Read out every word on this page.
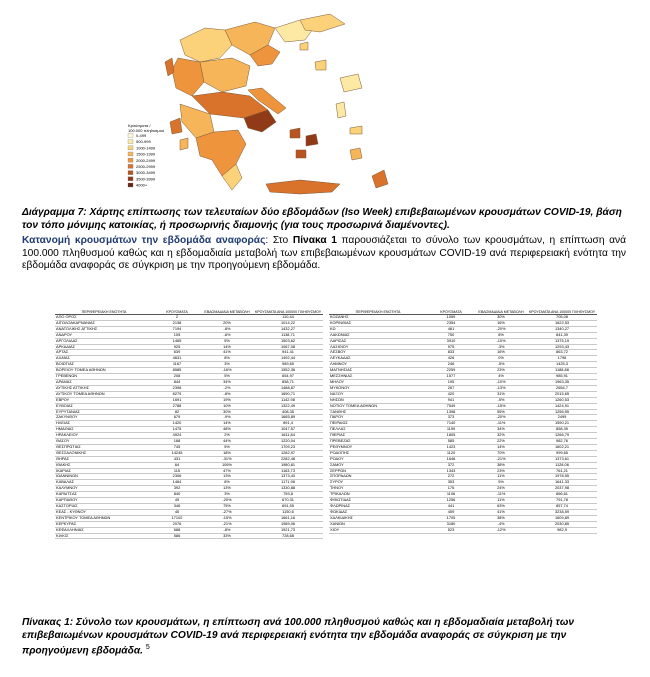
Κρούσματα /
100.000 πληθυσμού
0-499
500-999
1000-1499
1500-1999
2000-2499
2500-2999
3000-3499
3500-3999
4000+
Διάγραμμα 7: Χάρτης επίπτωσης των τελευταίων δύο εβδομάδων (Iso Week) επιβεβαιωμένων κρουσμάτων COVID-19, βάση τον τόπο μόνιμης κατοικίας, ή προσωρινής διαμονής (για τους προσωρινά διαμένοντες).
Κατανομή κρουσμάτων την εβδομάδα αναφοράς: Στο Πίνακα 1 παρουσιάζεται το σύνολο των κρουσμάτων, η επίπτωση ανά 100.000 πληθυσμού καθώς και η εβδομαδιαία μεταβολή των επιβεβαιωμένων κρουσμάτων COVID-19 ανά περιφερειακή ενότητα την εβδομάδα αναφοράς σε σύγκριση με την προηγούμενη εβδομάδα.
ΠΕΡΙΦΕΡΕΙΑΚΗ ΕΝΟΤΗΤΑ	ΚΡΟΥΣΜΑΤΑ	ΕΒΔΟΜΑΔΙΑΙΑ ΜΕΤΑΒΟΛΗ	ΚΡΟΥΣΜΑΤΑ ΑΝΑ 100000 ΠΛΗΘΥΣΜΟΥ
ΑΠΟ ΟΡΟΣ	2		110,44
ΑΙΤΩΛΟΑΚΑΡΝΑΝΙΑΣ	2138	20%	1014,22
ΑΝΑΤΟΛΙΚΗΣ ΑΤΤΙΚΗΣ	7194	-8%	1432,27
ΑΝΔΡΟΥ	105	-6%	1138,71
ΑΡΓΟΛΙΔΑΣ	1465	5%	1503,62
ΑΡΚΑΔΙΑΣ	925	14%	1067,08
ΑΡΤΑΣ	639	41%	941,41
ΑΧΑΪΑΣ	4631	8%	1492,44
ΒΟΙΩΤΙΑΣ	1167	3%	989,65
ΒΟΡΕΙΟΥ ΤΟΜΕΑ ΑΘΗΝΩΝ	8585	-16%	1552,36
ΓΡΕΒΕΝΩΝ	208	5%	654,97
ΔΡΑΜΑΣ	844	34%	858,71
ΔΥΤΙΚΗΣ ΑΤΤΙΚΗΣ	2398	-2%	1488,87
ΔΥΤΙΚΟΥ ΤΟΜΕΑ ΑΘΗΝΩΝ	8279	-8%	1690,71
ΕΒΡΟΥ	1691	19%	1142,98
ΕΥΒΟΙΑΣ	2788	10%	1322,49
ΕΥΡΥΤΑΝΙΑΣ	82	30%	408,35
ΖΑΚΥΝΘΟΥ	679	-9%	1665,89
ΗΛΕΙΑΣ	1420	14%	891,4
ΗΜΑΘΙΑΣ	1475	48%	1047,57
ΗΡΑΚΛΕΙΟΥ	4924	2%	1611,84
ΘΑΣΟΥ	168	44%	1220,04
ΘΕΣΠΡΩΤΙΑΣ	745	5%	1709,23
ΘΕΣΣΑΛΟΝΙΚΗΣ	14245	18%	1282,97
ΘΗΡΑΣ	431	-31%	2282,48
ΙΘΑΚΗΣ	64	106%	1980,81
ΙΚΑΡΙΑΣ	115	47%	1163,73
ΙΩΑΝΝΙΝΩΝ	2306	13%	1373,43
ΚΑΒΑΛΑΣ	1464	8%	1171,98
ΚΑΛΥΜΝΟΥ	392	13%	1330,88
ΚΑΡΔΙΤΣΑΣ	840	3%	759,8
ΚΑΡΠΑΘΟΥ	49	-20%	670,31
ΚΑΣΤΟΡΙΑΣ	346	75%	691,55
ΚΕΑΣ - ΚΥΘΝΟΥ	45	-27%	1150,6
ΚΕΝΤΡΙΚΟΥ ΤΟΜΕΑ ΑΘΗΝΩΝ	17102	-15%	1661,16
ΚΕΡΚΥΡΑΣ	2076	-21%	1989,06
ΚΕΦΑΛΛΗΝΙΑΣ	688	-8%	1921,73
ΚΙΛΚΙΣ	586	33%	728,68
ΠΕΡΙΦΕΡΕΙΑΚΗ ΕΝΟΤΗΤΑ	ΚΡΟΥΣΜΑΤΑ	ΕΒΔΟΜΑΔΙΑΙΑ ΜΕΤΑΒΟΛΗ	ΚΡΟΥΣΜΑΤΑ ΑΝΑ 100000 ΠΛΗΘΥΣΜΟΥ
ΚΟΖΑΝΗΣ	1059	30%	705,08
ΚΟΡΙΝΘΙΑΣ	2354	16%	1622,53
ΚΩ	461	-20%	1340,27
ΛΑΚΩΝΙΑΣ	750	8%	841,39
ΛΑΡΙΣΑΣ	3910	-10%	1375,19
ΛΑΣΙΘΙΟΥ	975	-3%	1293,43
ΛΕΣΒΟΥ	833	16%	863,72
ΛΕΥΚΑΔΑΣ	426	0%	1798
ΛΗΜΝΟΥ	246	-5%	1425,3
ΜΑΓΝΗΣΙΑΣ	2259	23%	1188,88
ΜΕΣΣΗΝΙΑΣ	1577	4%	985,91
ΜΗΛΟΥ	195	-10%	1963,35
ΜΥΚΟΝΟΥ	267	-13%	2654,7
ΝΑΞΟΥ	420	31%	2015,65
ΝΗΣΩΝ	941	-5%	1260,53
ΝΟΤΙΟΥ ΤΟΜΕΑ ΑΘΗΝΩΝ	7549	-15%	1424,91
ΞΑΝΘΗΣ	1398	55%	1256,95
ΠΑΡΟΥ	373	-20%	2499
ΠΕΙΡΑΙΩΣ	7140	-11%	1590,21
ΠΕΛΛΑΣ	1199	34%	858,39
ΠΙΕΡΙΑΣ	1805	32%	1266,79
ΠΡΕΒΕΖΑΣ	585	22%	982,76
ΡΕΘΥΜΝΟΥ	1423	14%	1602,21
ΡΟΔΟΠΗΣ	1120	70%	999,65
ΡΟΔΟΥ	1646	-21%	1373,61
ΣΑΜΟΥ	372	38%	1128,06
ΣΕΡΡΩΝ	1343	23%	761,21
ΣΠΟΡΑΔΩΝ	272	11%	1978,55
ΣΥΡΟΥ	353	5%	1641,33
ΤΗΝΟΥ	176	24%	2037,98
ΤΡΙΚΑΛΩΝ	1106	-11%	866,61
ΦΘΙΩΤΙΔΑΣ	1256	11%	791,78
ΦΛΩΡΙΝΑΣ	441	63%	857,74
ΦΩΚΙΔΑΣ	459	41%	3238,59
ΧΑΛΚΙΔΙΚΗΣ	1705	38%	1609,89
ΧΑΝΙΩΝ	3180	-4%	2030,85
ΧΙΟΥ	523	-12%	982,9
Πίνακας 1: Σύνολο των κρουσμάτων, η επίπτωση ανά 100.000 πληθυσμού καθώς και η εβδομαδιαία μεταβολή των επιβεβαιωμένων κρουσμάτων COVID-19 ανά περιφερειακή ενότητα την εβδομάδα αναφοράς σε σύγκριση με την προηγούμενη εβδομάδα. $^5$
